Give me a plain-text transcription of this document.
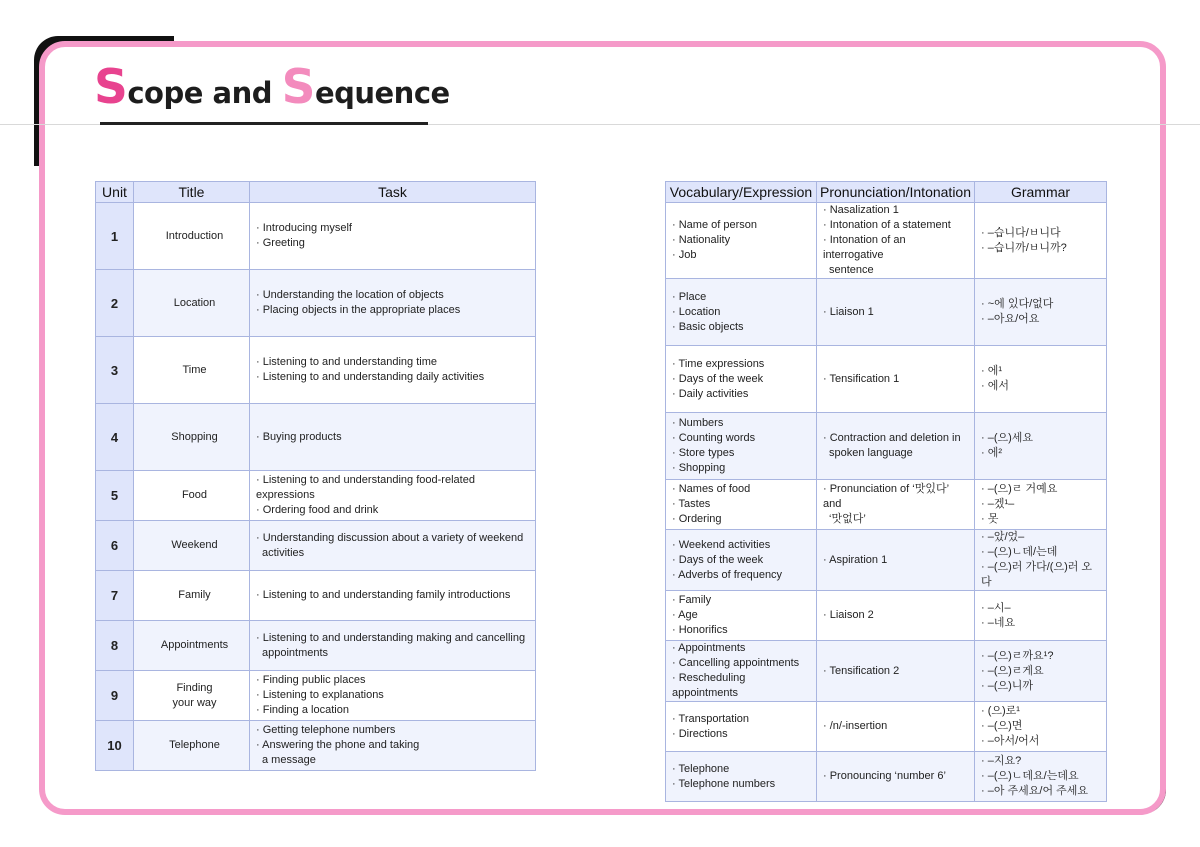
Scope and Sequence
Unit	Title	Task
1	Introduction	· Introducing myself
· Greeting

2	Location	· Understanding the location of objects
· Placing objects in the appropriate places

3	Time	· Listening to and understanding time
· Listening to and understanding daily activities

4	Shopping	· Buying products

5	Food	· Listening to and understanding food-related expressions
· Ordering food and drink

6	Weekend	· Understanding discussion about a variety of weekend
activities

7	Family	· Listening to and understanding family introductions

8	Appointments	· Listening to and understanding making and cancelling
appointments

9	Finding
your way	· Finding public places
· Listening to explanations
· Finding a location

10	Telephone	· Getting telephone numbers
· Answering the phone and taking
a message
Vocabulary/Expression	Pronunciation/Intonation	Grammar

· Name of person
· Nationality
· Job	· Nasalization 1
· Intonation of a statement
· Intonation of an interrogative
sentence	· –습니다/ㅂ니다
· –습니까/ㅂ니까?

· Place
· Location
· Basic objects	· Liaison 1	· ~에 있다/없다
· –아요/어요

· Time expressions
· Days of the week
· Daily activities	· Tensification 1	· 에¹
· 에서

· Numbers
· Counting words
· Store types
· Shopping	· Contraction and deletion in
spoken language	· –(으)세요
· 에²

· Names of food
· Tastes
· Ordering	· Pronunciation of ‘맛있다’ and
‘맛없다’	· –(으)ㄹ 거예요
· –겠¹–
· 못

· Weekend activities
· Days of the week
· Adverbs of frequency	· Aspiration 1	· –았/었–
· –(으)ㄴ데/는데
· –(으)러 가다/(으)러 오다

· Family
· Age
· Honorifics	· Liaison 2	· –시–
· –네요

· Appointments
· Cancelling appointments
· Rescheduling appointments	· Tensification 2	· –(으)ㄹ까요¹?
· –(으)ㄹ게요
· –(으)니까

· Transportation
· Directions	· /n/-insertion	· (으)로¹
· –(으)면
· –아서/어서

· Telephone
· Telephone numbers	· Pronouncing ‘number 6’	· –지요?
· –(으)ㄴ데요/는데요
· –아 주세요/어 주세요
